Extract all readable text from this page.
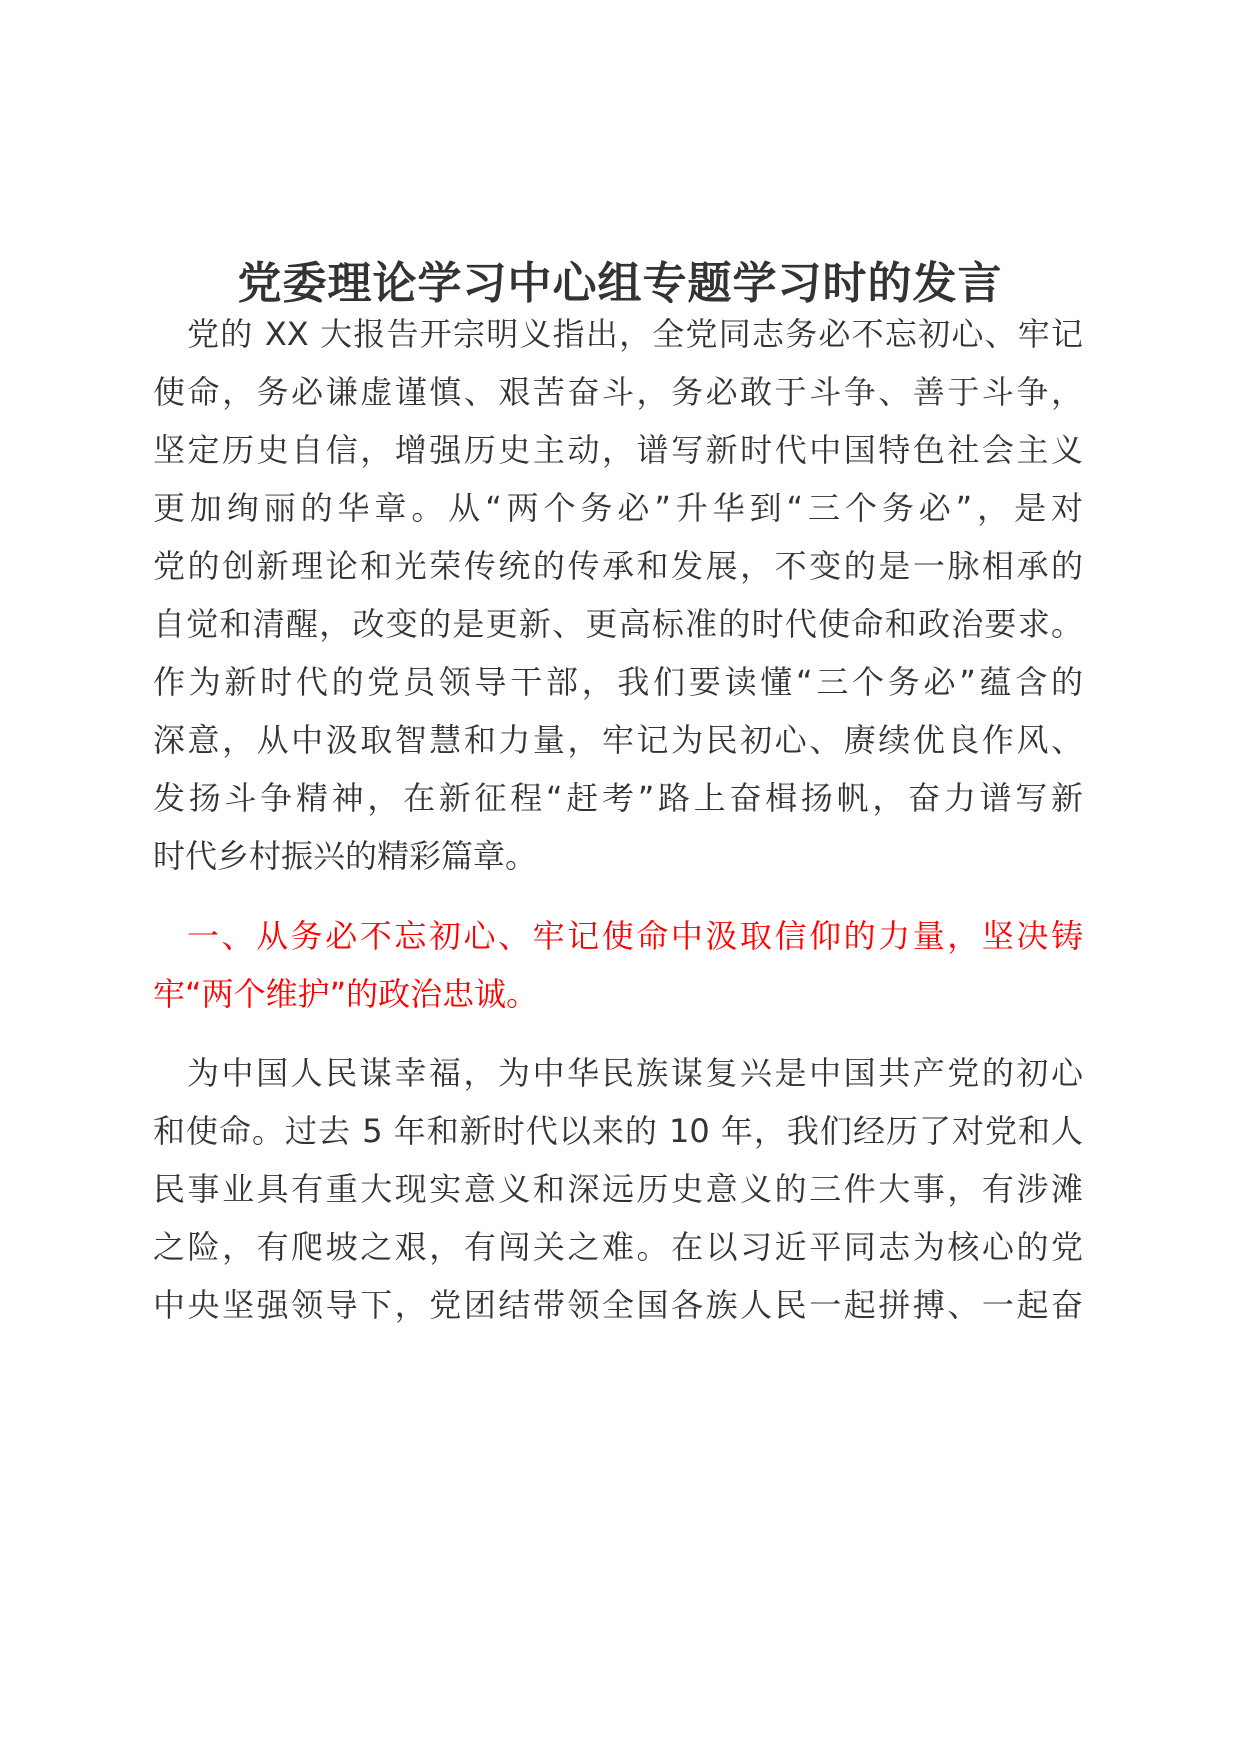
党委理论学习中心组专题学习时的发言
党的 XX 大报告开宗明义指出，全党同志务必不忘初心、牢记
使命，务必谦虚谨慎、艰苦奋斗，务必敢于斗争、善于斗争，
坚定历史自信，增强历史主动，谱写新时代中国特色社会主义
更加绚丽的华章。从“两个务必”升华到“三个务必”，是对
党的创新理论和光荣传统的传承和发展，不变的是一脉相承的
自觉和清醒，改变的是更新、更高标准的时代使命和政治要求。
作为新时代的党员领导干部，我们要读懂“三个务必”蕴含的
深意，从中汲取智慧和力量，牢记为民初心、赓续优良作风、
发扬斗争精神，在新征程“赶考”路上奋楫扬帆，奋力谱写新
时代乡村振兴的精彩篇章。
一、从务必不忘初心、牢记使命中汲取信仰的力量，坚决铸
牢“两个维护”的政治忠诚。
为中国人民谋幸福，为中华民族谋复兴是中国共产党的初心
和使命。过去 5 年和新时代以来的 10 年，我们经历了对党和人
民事业具有重大现实意义和深远历史意义的三件大事，有涉滩
之险，有爬坡之艰，有闯关之难。在以习近平同志为核心的党
中央坚强领导下，党团结带领全国各族人民一起拼搏、一起奋
